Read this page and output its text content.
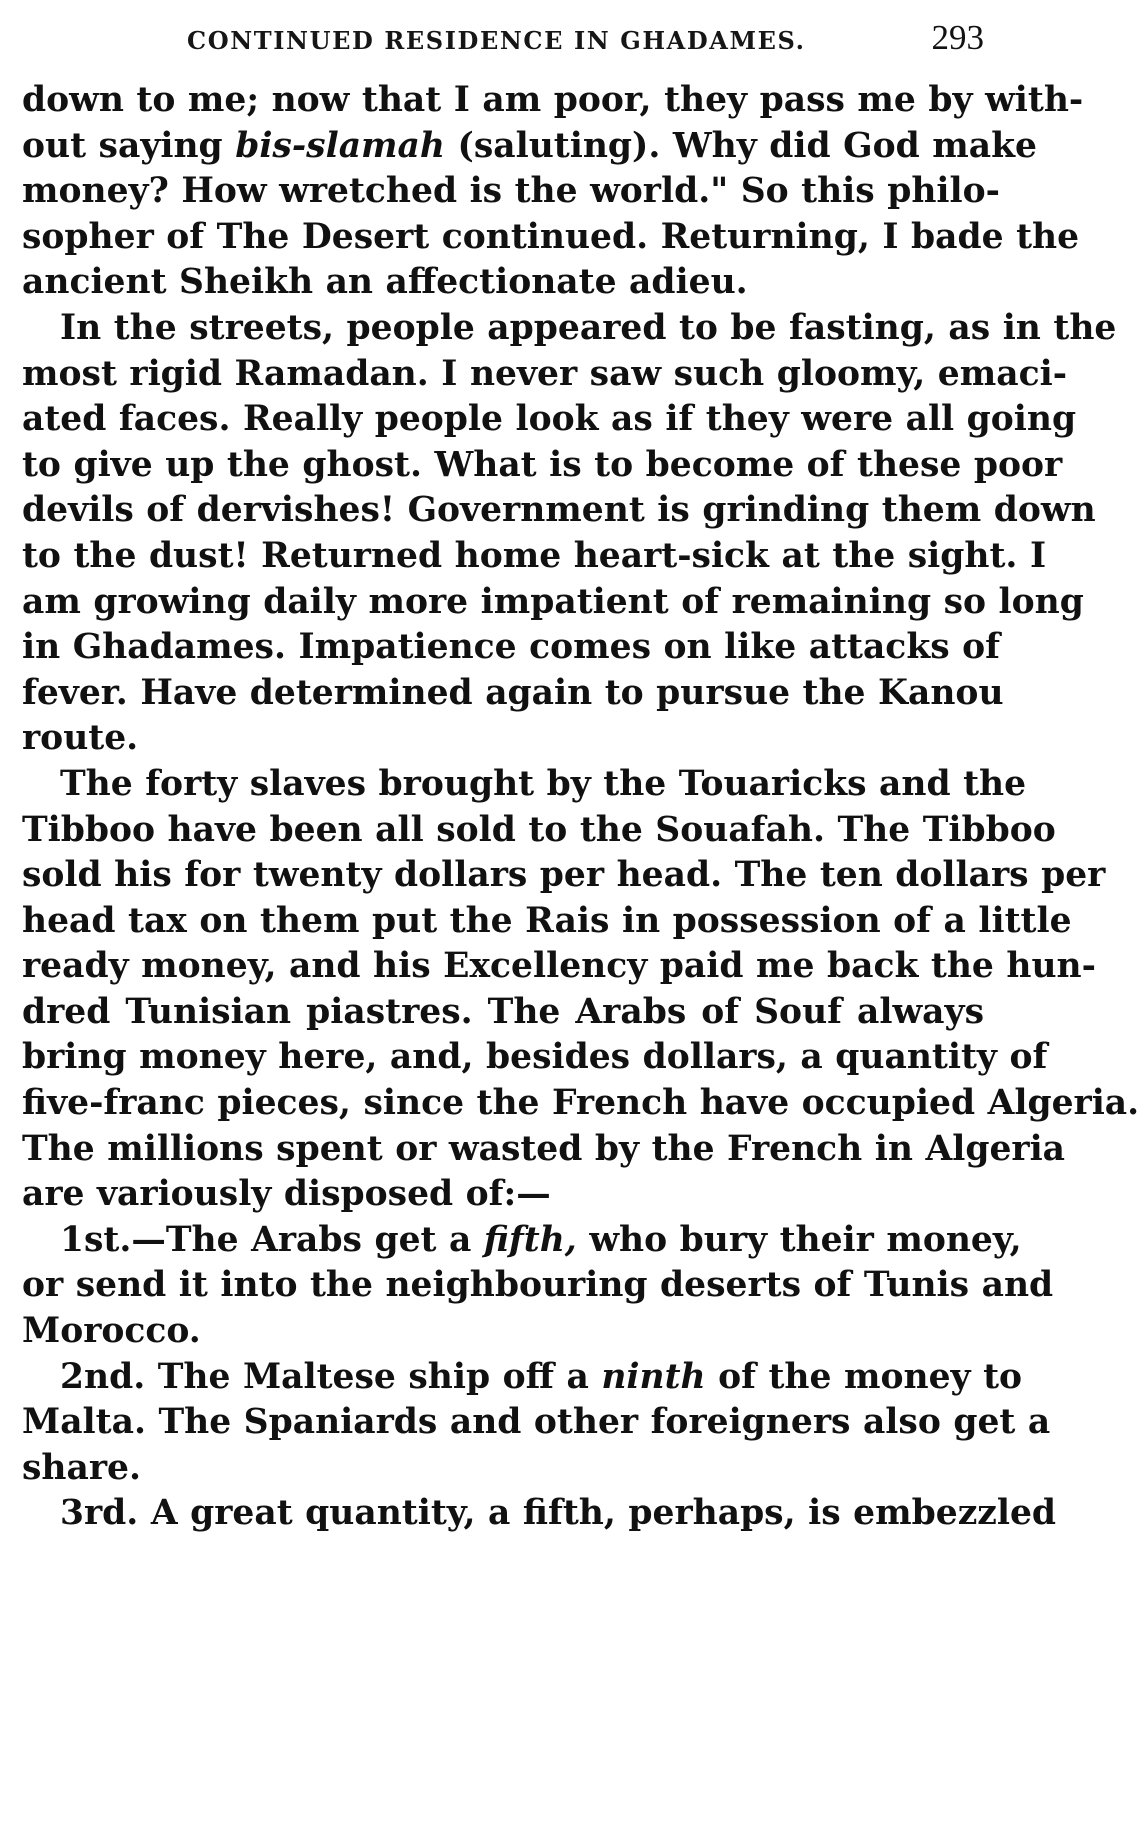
CONTINUED RESIDENCE IN GHADAMES.	293
down to me; now that I am poor, they pass me by with-
out saying bis-slamah (saluting). Why did God make
money? How wretched is the world." So this philo-
sopher of The Desert continued. Returning, I bade the
ancient Sheikh an affectionate adieu.
In the streets, people appeared to be fasting, as in the
most rigid Ramadan. I never saw such gloomy, emaci-
ated faces. Really people look as if they were all going
to give up the ghost. What is to become of these poor
devils of dervishes! Government is grinding them down
to the dust! Returned home heart-sick at the sight. I
am growing daily more impatient of remaining so long
in Ghadames. Impatience comes on like attacks of
fever. Have determined again to pursue the Kanou
route.
The forty slaves brought by the Touaricks and the
Tibboo have been all sold to the Souafah. The Tibboo
sold his for twenty dollars per head. The ten dollars per
head tax on them put the Rais in possession of a little
ready money, and his Excellency paid me back the hun-
dred Tunisian piastres. The Arabs of Souf always
bring money here, and, besides dollars, a quantity of
five-franc pieces, since the French have occupied Algeria.
The millions spent or wasted by the French in Algeria
are variously disposed of:—
1st.—The Arabs get a fifth, who bury their money,
or send it into the neighbouring deserts of Tunis and
Morocco.
2nd. The Maltese ship off a ninth of the money to
Malta. The Spaniards and other foreigners also get a
share.
3rd. A great quantity, a fifth, perhaps, is embezzled
